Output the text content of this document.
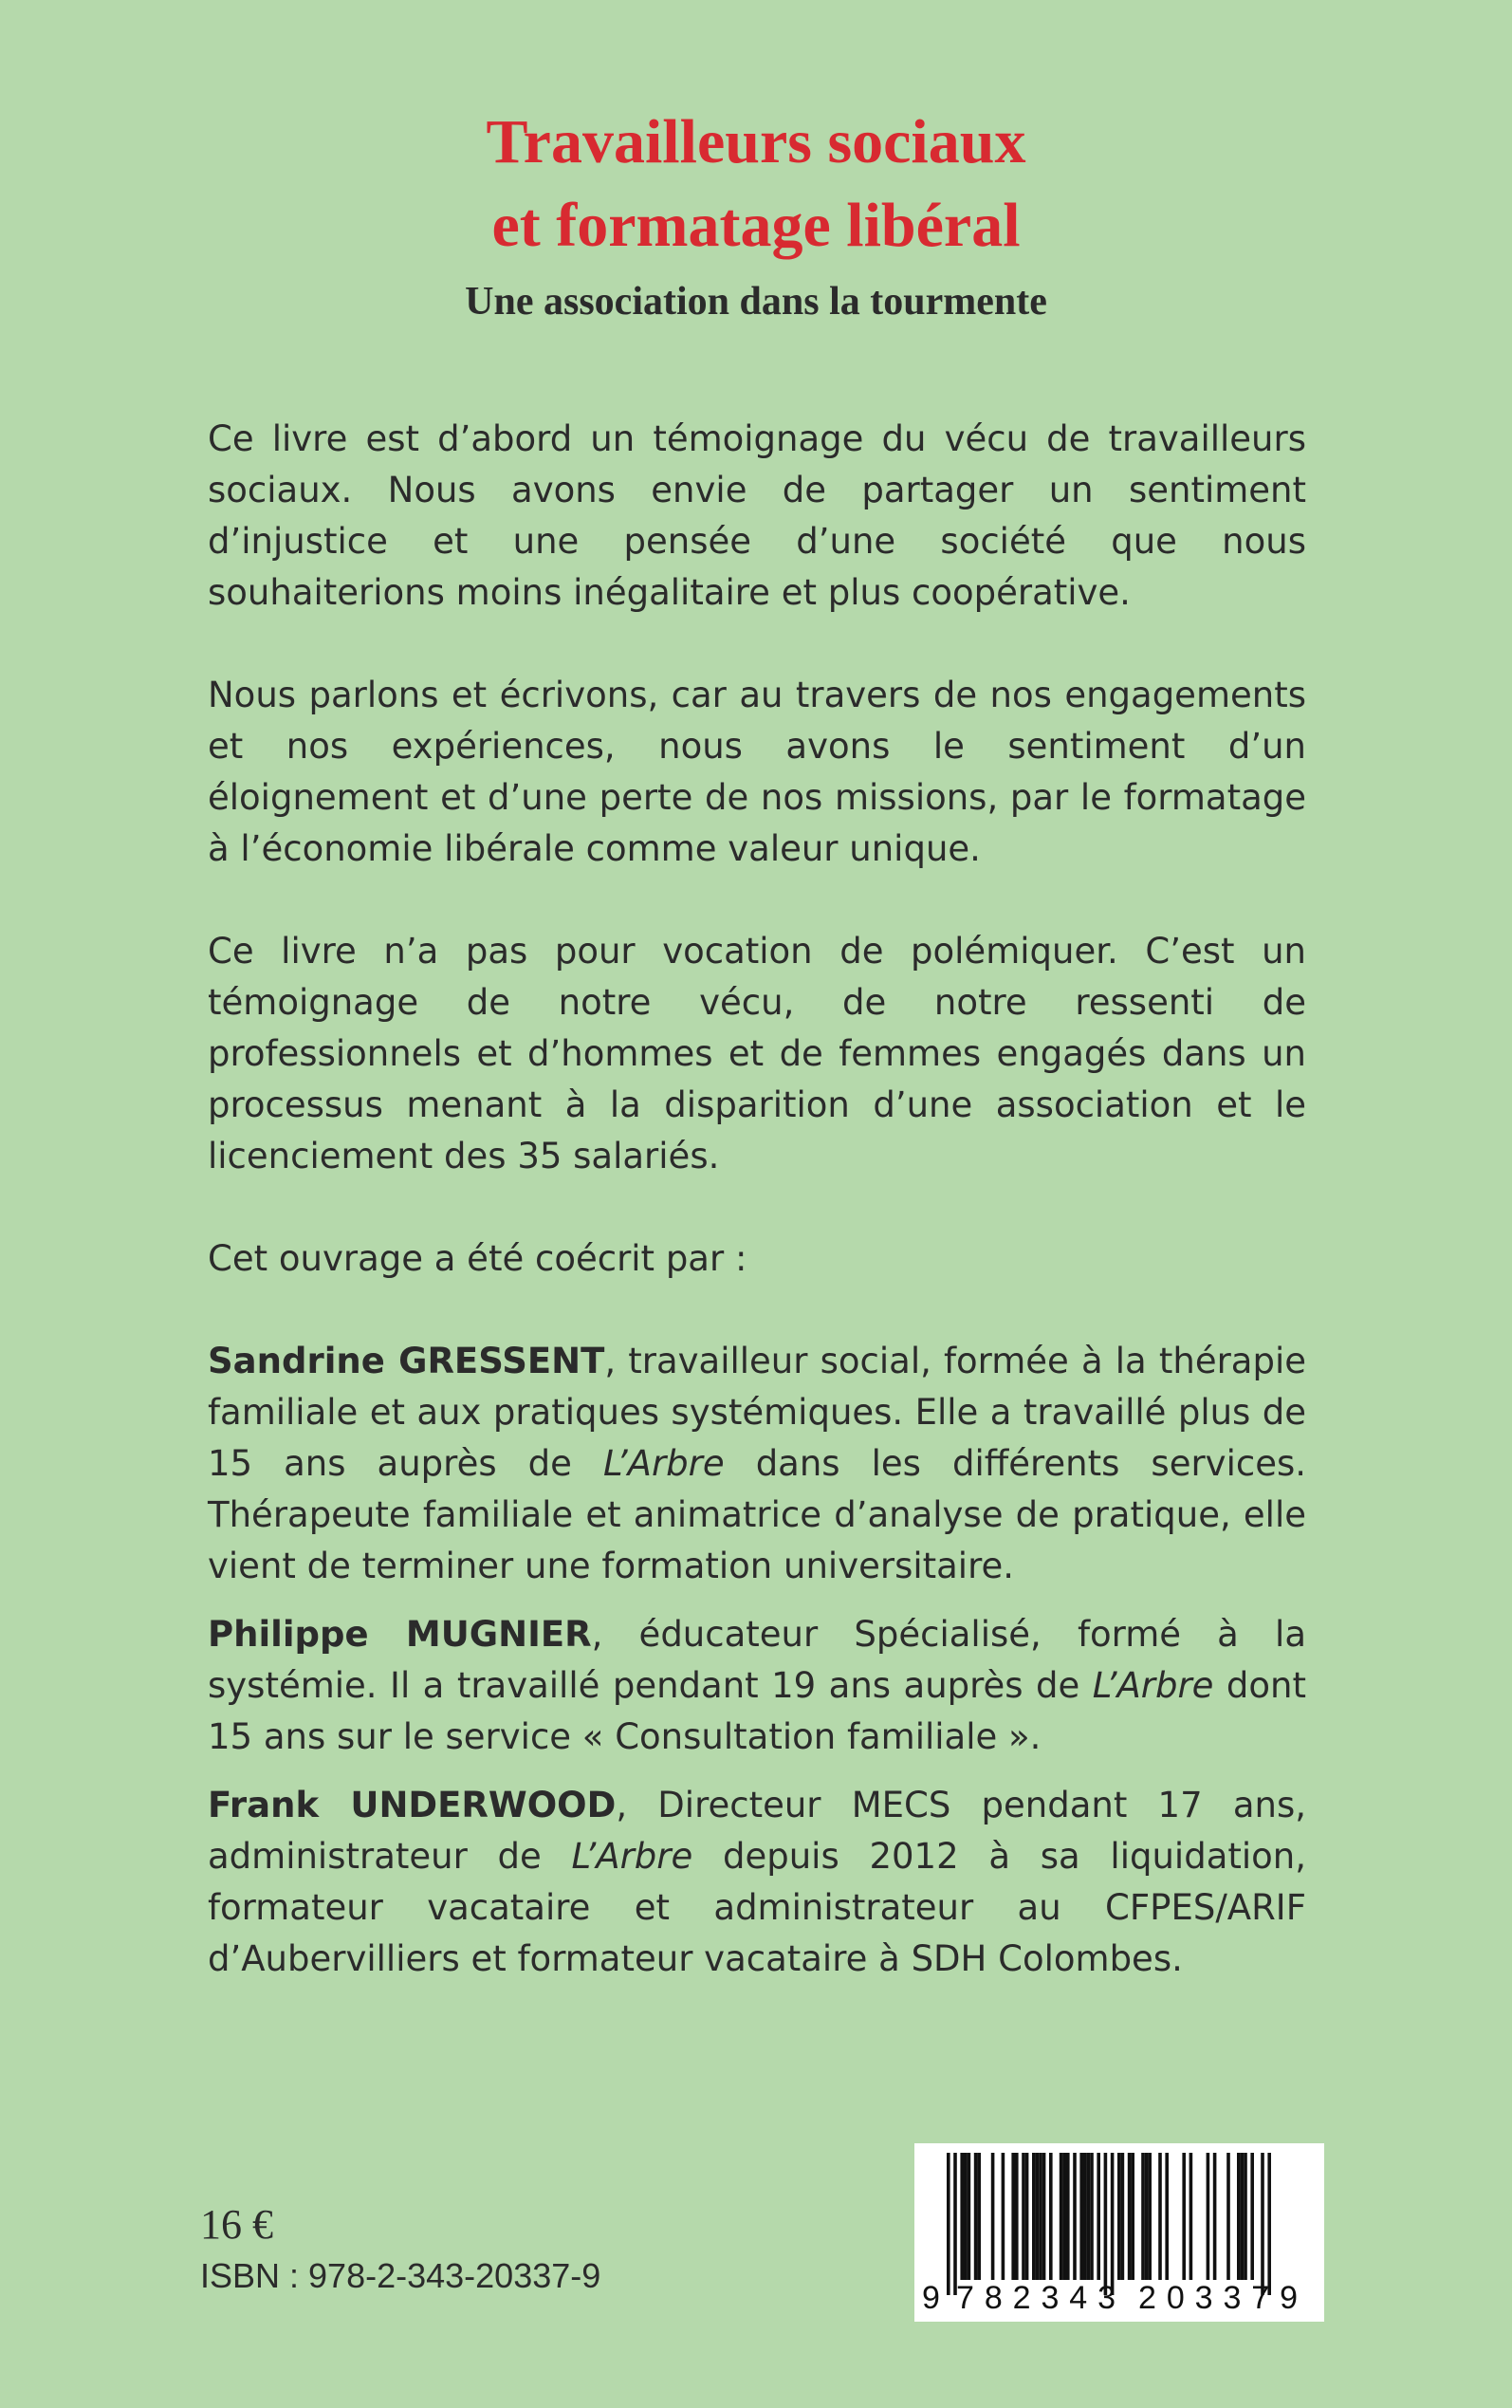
Travailleurs sociaux
et formatage libéral
Une association dans la tourmente

Ce livre est d’abord un témoignage du vécu de travailleurs sociaux. Nous avons envie de partager un sentiment d’injustice et une pensée d’une société que nous souhaiterions moins inégalitaire et plus coopérative.

Nous parlons et écrivons, car au travers de nos engagements et nos expériences, nous avons le sentiment d’un éloignement et d’une perte de nos missions, par le formatage à l’économie libérale comme valeur unique.

Ce livre n’a pas pour vocation de polémiquer. C’est un témoignage de notre vécu, de notre ressenti de professionnels et d’hommes et de femmes engagés dans un processus menant à la disparition d’une association et le licenciement des 35 salariés.

Cet ouvrage a été coécrit par :

Sandrine GRESSENT, travailleur social, formée à la thérapie familiale et aux pratiques systémiques. Elle a travaillé plus de 15 ans auprès de L’Arbre dans les différents services. Thérapeute familiale et animatrice d’analyse de pratique, elle vient de terminer une formation universitaire.

Philippe MUGNIER, éducateur Spécialisé, formé à la systémie. Il a travaillé pendant 19 ans auprès de L’Arbre dont 15 ans sur le service « Consultation familiale ».

Frank UNDERWOOD, Directeur MECS pendant 17 ans, administrateur de L’Arbre depuis 2012 à sa liquidation, formateur vacataire et administrateur au CFPES/ARIF d’Aubervilliers et formateur vacataire à SDH Colombes.

16 €
ISBN : 978-2-343-20337-9
9 782343 203379
